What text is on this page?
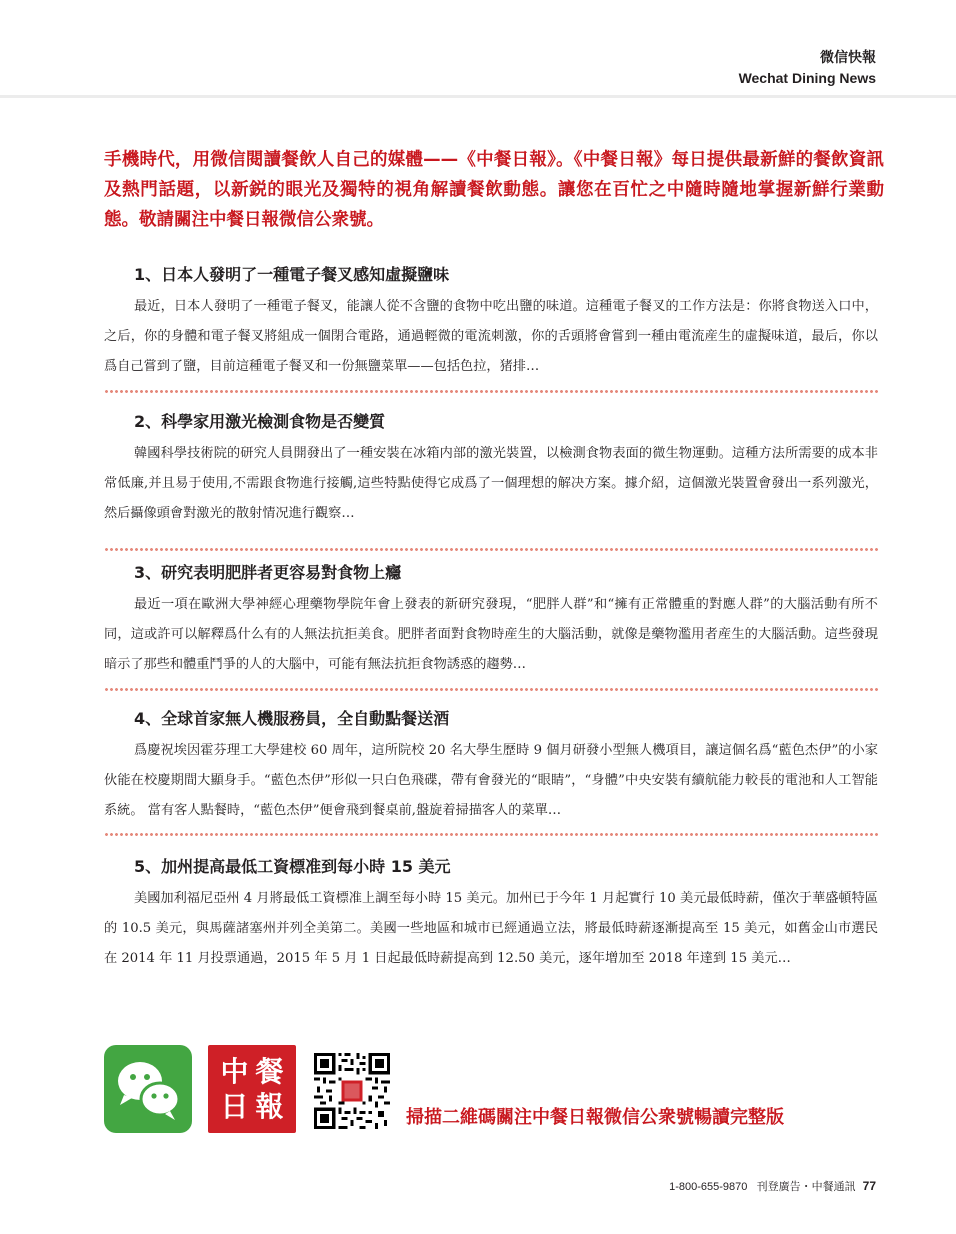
微信快報
Wechat Dining News
手機時代，用微信閱讀餐飲人自己的媒體——《中餐日報》。《中餐日報》每日提供最新鮮的餐飲資訊及熱門話題，以新鋭的眼光及獨特的視角解讀餐飲動態。讓您在百忙之中隨時隨地掌握新鮮行業動態。敬請關注中餐日報微信公衆號。
1、日本人發明了一種電子餐叉感知虛擬鹽味
最近，日本人發明了一種電子餐叉，能讓人從不含鹽的食物中吃出鹽的味道。這種電子餐叉的工作方法是：你將食物送入口中，之后，你的身體和電子餐叉將組成一個閉合電路，通過輕微的電流刺激，你的舌頭將會嘗到一種由電流産生的虛擬味道，最后，你以爲自己嘗到了鹽，目前這種電子餐叉和一份無鹽菜單——包括色拉，猪排…
2、科學家用激光檢測食物是否變質
韓國科學技術院的研究人員開發出了一種安裝在冰箱内部的激光裝置，以檢測食物表面的微生物運動。這種方法所需要的成本非常低廉,并且易于使用,不需跟食物進行接觸,這些特點使得它成爲了一個理想的解决方案。據介紹，這個激光裝置會發出一系列激光，然后攝像頭會對激光的散射情况進行觀察…
3、研究表明肥胖者更容易對食物上癮
最近一項在歐洲大學神經心理藥物學院年會上發表的新研究發現，“肥胖人群”和“擁有正常體重的對應人群”的大腦活動有所不同，這或許可以解釋爲什么有的人無法抗拒美食。肥胖者面對食物時産生的大腦活動，就像是藥物濫用者産生的大腦活動。這些發現暗示了那些和體重鬥爭的人的大腦中，可能有無法抗拒食物誘惑的趨勢…
4、全球首家無人機服務員，全自動點餐送酒
爲慶祝埃因霍芬理工大學建校 60 周年，這所院校 20 名大學生歷時 9 個月研發小型無人機項目，讓這個名爲“藍色杰伊”的小家伙能在校慶期間大顯身手。“藍色杰伊”形似一只白色飛碟，帶有會發光的“眼睛”，“身體”中央安裝有續航能力較長的電池和人工智能系統。 當有客人點餐時，“藍色杰伊”便會飛到餐桌前,盤旋着掃描客人的菜單…
5、加州提高最低工資標准到每小時 15 美元
美國加利福尼亞州 4 月將最低工資標准上調至每小時 15 美元。加州已于今年 1 月起實行 10 美元最低時薪，僅次于華盛頓特區的 10.5 美元，與馬薩諸塞州并列全美第二。美國一些地區和城市已經通過立法，將最低時薪逐漸提高至 15 美元，如舊金山市選民在 2014 年 11 月投票通過，2015 年 5 月 1 日起最低時薪提高到 12.50 美元，逐年增加至 2018 年達到 15 美元…
中 餐
日 報	掃描二維碼關注中餐日報微信公衆號暢讀完整版
1-800-655-9870 刊登廣告・中餐通訊 77
